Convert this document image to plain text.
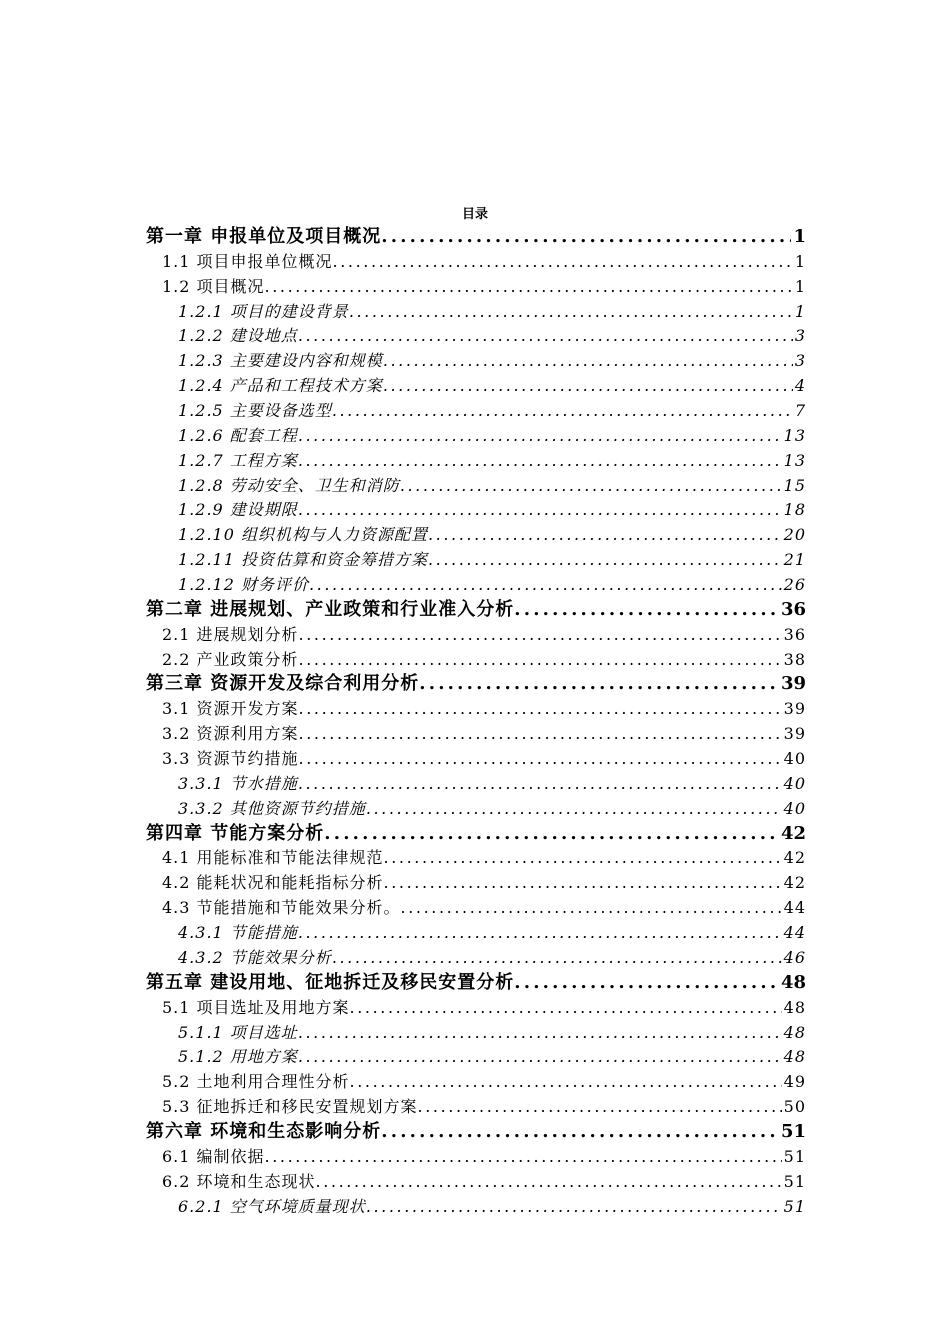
目录
第一章 申报单位及项目概况 .....	1
1.1 项目申报单位概况 .....	1
1.2 项目概况 .....	1
1.2.1 项目的建设背景 .....	1
1.2.2 建设地点 .....	3
1.2.3 主要建设内容和规模 .....	3
1.2.4 产品和工程技术方案 .....	4
1.2.5 主要设备选型 .....	7
1.2.6 配套工程 .....	13
1.2.7 工程方案 .....	13
1.2.8 劳动安全、卫生和消防 .....	15
1.2.9 建设期限 .....	18
1.2.10 组织机构与人力资源配置 .....	20
1.2.11 投资估算和资金筹措方案 .....	21
1.2.12 财务评价 .....	26
第二章 进展规划、产业政策和行业准入分析 .....	36
2.1 进展规划分析 .....	36
2.2 产业政策分析 .....	38
第三章 资源开发及综合利用分析 .....	39
3.1 资源开发方案 .....	39
3.2 资源利用方案 .....	39
3.3 资源节约措施 .....	40
3.3.1 节水措施 .....	40
3.3.2 其他资源节约措施 .....	40
第四章 节能方案分析 .....	42
4.1 用能标准和节能法律规范 .....	42
4.2 能耗状况和能耗指标分析 .....	42
4.3 节能措施和节能效果分析。 .....	44
4.3.1 节能措施 .....	44
4.3.2 节能效果分析 .....	46
第五章 建设用地、征地拆迁及移民安置分析 .....	48
5.1 项目选址及用地方案 .....	48
5.1.1 项目选址 .....	48
5.1.2 用地方案 .....	48
5.2 土地利用合理性分析 .....	49
5.3 征地拆迁和移民安置规划方案 .....	50
第六章 环境和生态影响分析 .....	51
6.1 编制依据 .....	51
6.2 环境和生态现状 .....	51
6.2.1 空气环境质量现状 .....	51
